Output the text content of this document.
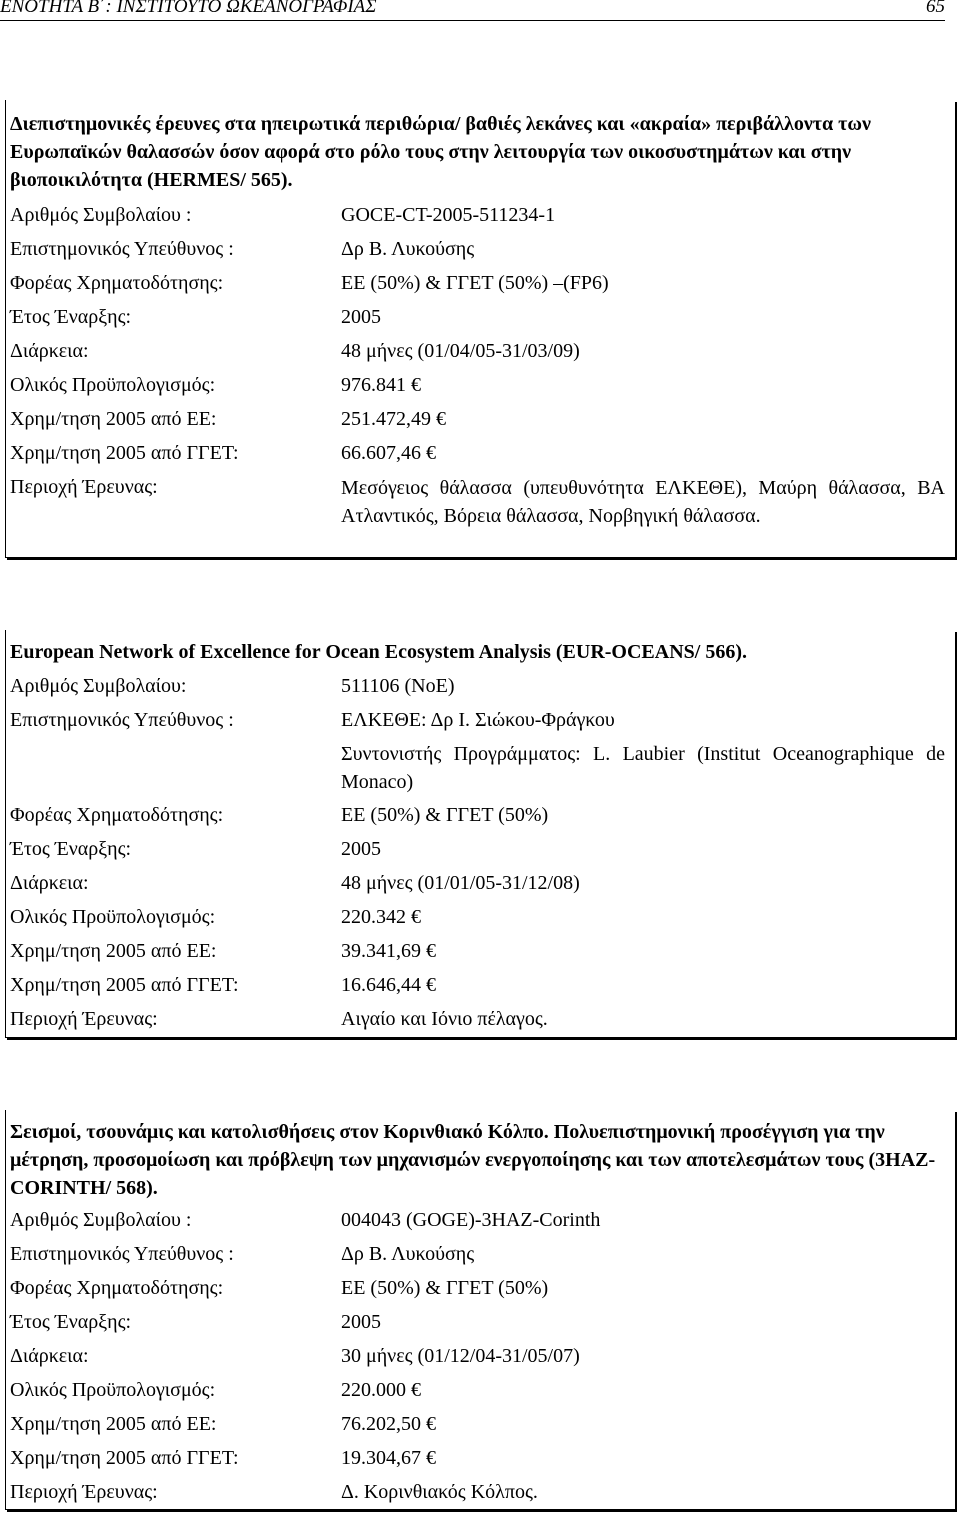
ΕΝΟΤΗΤΑ Β΄: ΙΝΣΤΙΤΟΥΤΟ ΩΚΕΑΝΟΓΡΑΦΙΑΣ	65
Διεπιστημονικές έρευνες στα ηπειρωτικά περιθώρια/ βαθιές λεκάνες και «ακραία» περιβάλλοντα των Ευρωπαϊκών θαλασσών όσον αφορά στο ρόλο τους στην λειτουργία των οικοσυστημάτων και στην βιοποικιλότητα (HERMES/ 565).
Αριθμός Συμβολαίου :	GOCE-CT-2005-511234-1
Επιστημονικός Υπεύθυνος :	Δρ Β. Λυκούσης
Φορέας Χρηματοδότησης:	ΕΕ (50%) & ΓΓΕΤ (50%) –(FP6)
Έτος Έναρξης:	2005
Διάρκεια:	48 μήνες (01/04/05-31/03/09)
Ολικός Προϋπολογισμός:	976.841 €
Χρημ/τηση 2005 από ΕΕ:	251.472,49 €
Χρημ/τηση 2005 από ΓΓΕΤ:	66.607,46 €
Περιοχή Έρευνας:	Μεσόγειος θάλασσα (υπευθυνότητα ΕΛΚΕΘΕ), Μαύρη θάλασσα, ΒΑ Ατλαντικός, Βόρεια θάλασσα, Νορβηγική θάλασσα.
European Network of Excellence for Ocean Ecosystem Analysis (EUR-OCEANS/ 566).
Αριθμός Συμβολαίου:	511106 (NoE)
Επιστημονικός Υπεύθυνος :	ΕΛΚΕΘΕ: Δρ Ι. Σιώκου-Φράγκου
Συντονιστής Προγράμματος: L. Laubier (Institut Oceanographique de Monaco)
Φορέας Χρηματοδότησης:	ΕΕ (50%) & ΓΓΕΤ (50%)
Έτος Έναρξης:	2005
Διάρκεια:	48 μήνες (01/01/05-31/12/08)
Ολικός Προϋπολογισμός:	220.342 €
Χρημ/τηση 2005 από ΕΕ:	39.341,69 €
Χρημ/τηση 2005 από ΓΓΕΤ:	16.646,44 €
Περιοχή Έρευνας:	Αιγαίο και Ιόνιο πέλαγος.
Σεισμοί, τσουνάμις και κατολισθήσεις στον Κορινθιακό Κόλπο. Πολυεπιστημονική προσέγγιση για την μέτρηση, προσομοίωση και πρόβλεψη των μηχανισμών ενεργοποίησης και των αποτελεσμάτων τους (3HAZ-CORINTH/ 568).
Αριθμός Συμβολαίου :	004043 (GOGE)-3HAZ-Corinth
Επιστημονικός Υπεύθυνος :	Δρ Β. Λυκούσης
Φορέας Χρηματοδότησης:	ΕΕ (50%) & ΓΓΕΤ (50%)
Έτος Έναρξης:	2005
Διάρκεια:	30 μήνες (01/12/04-31/05/07)
Ολικός Προϋπολογισμός:	220.000 €
Χρημ/τηση 2005 από ΕΕ:	76.202,50 €
Χρημ/τηση 2005 από ΓΓΕΤ:	19.304,67 €
Περιοχή Έρευνας:	Δ. Κορινθιακός Κόλπος.
